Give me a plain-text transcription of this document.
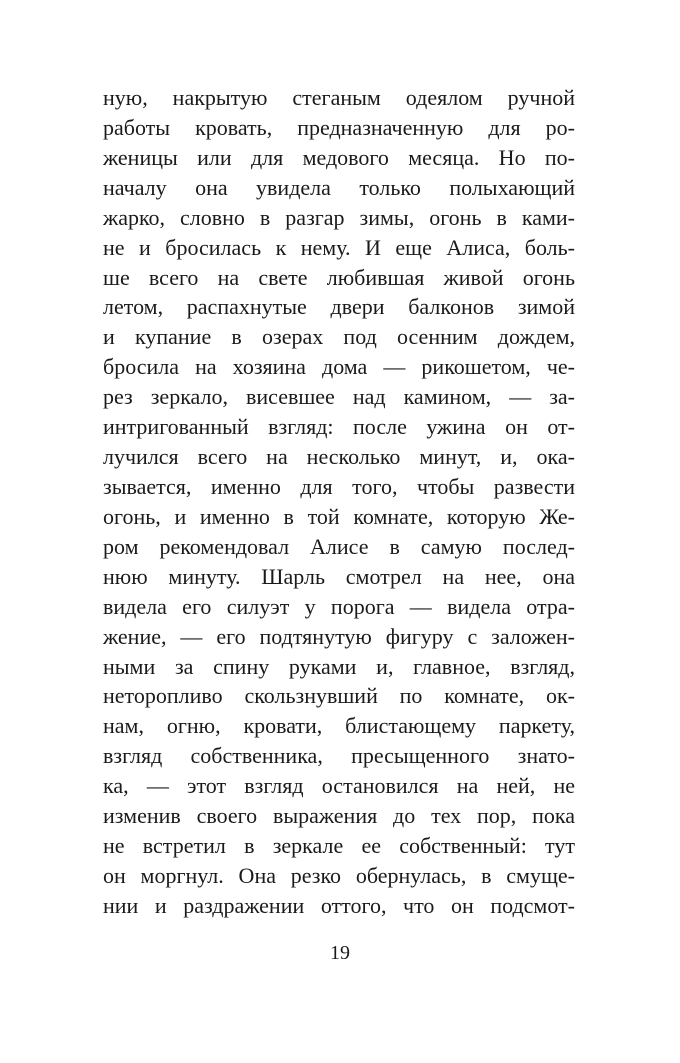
ную, накрытую стеганым одеялом ручной
работы кровать, предназначенную для ро-
женицы или для медового месяца. Но по-
началу она увидела только полыхающий
жарко, словно в разгар зимы, огонь в ками-
не и бросилась к нему. И еще Алиса, боль-
ше всего на свете любившая живой огонь
летом, распахнутые двери балконов зимой
и купание в озерах под осенним дождем,
бросила на хозяина дома — рикошетом, че-
рез зеркало, висевшее над камином, — за-
интригованный взгляд: после ужина он от-
лучился всего на несколько минут, и, ока-
зывается, именно для того, чтобы развести
огонь, и именно в той комнате, которую Же-
ром рекомендовал Алисе в самую послед-
нюю минуту. Шарль смотрел на нее, она
видела его силуэт у порога — видела отра-
жение, — его подтянутую фигуру с заложен-
ными за спину руками и, главное, взгляд,
неторопливо скользнувший по комнате, ок-
нам, огню, кровати, блистающему паркету,
взгляд собственника, пресыщенного знато-
ка, — этот взгляд остановился на ней, не
изменив своего выражения до тех пор, пока
не встретил в зеркале ее собственный: тут
он моргнул. Она резко обернулась, в смуще-
нии и раздражении оттого, что он подсмот-
19
